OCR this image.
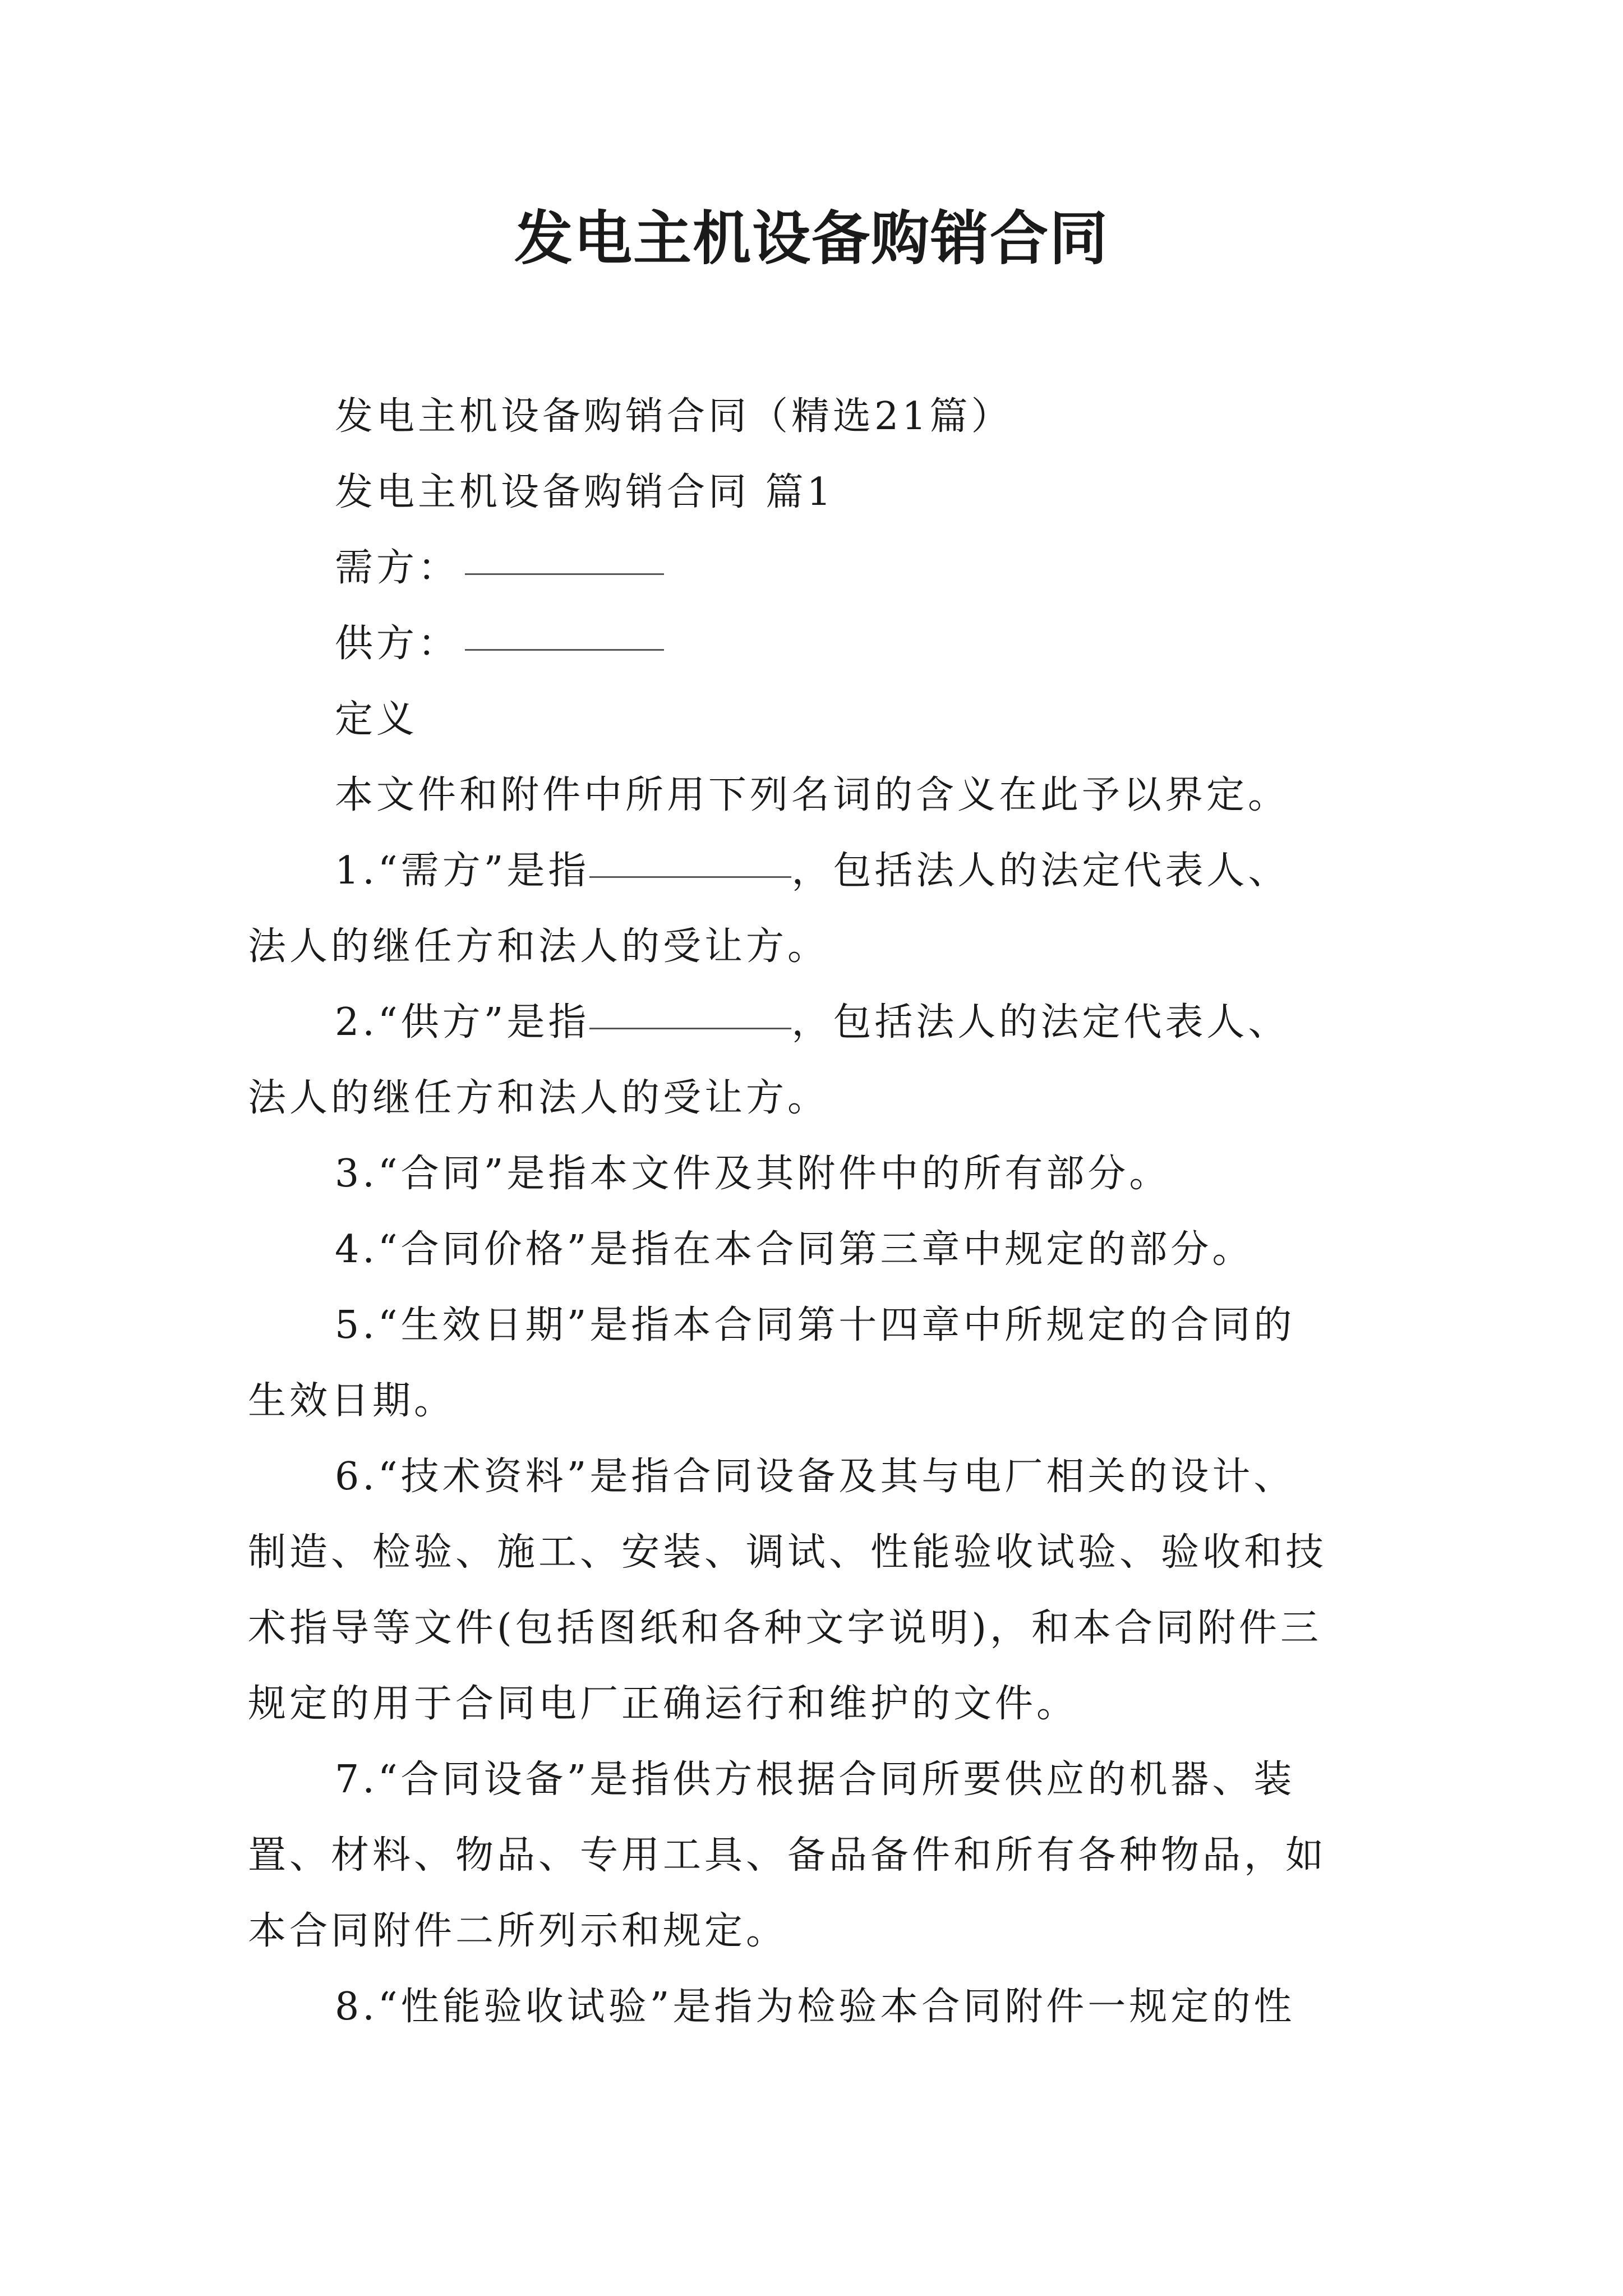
发电主机设备购销合同
发电主机设备购销合同（精选21篇）
发电主机设备购销合同 篇1
需方：
供方：
定义
本文件和附件中所用下列名词的含义在此予以界定。
1.“需方”是指	，包括法人的法定代表人、
法人的继任方和法人的受让方。
2.“供方”是指	，包括法人的法定代表人、
法人的继任方和法人的受让方。
3.“合同”是指本文件及其附件中的所有部分。
4.“合同价格”是指在本合同第三章中规定的部分。
5.“生效日期”是指本合同第十四章中所规定的合同的
生效日期。
6.“技术资料”是指合同设备及其与电厂相关的设计、
制造、检验、施工、安装、调试、性能验收试验、验收和技
术指导等文件(包括图纸和各种文字说明)，和本合同附件三
规定的用于合同电厂正确运行和维护的文件。
7.“合同设备”是指供方根据合同所要供应的机器、装
置、材料、物品、专用工具、备品备件和所有各种物品，如
本合同附件二所列示和规定。
8.“性能验收试验”是指为检验本合同附件一规定的性
